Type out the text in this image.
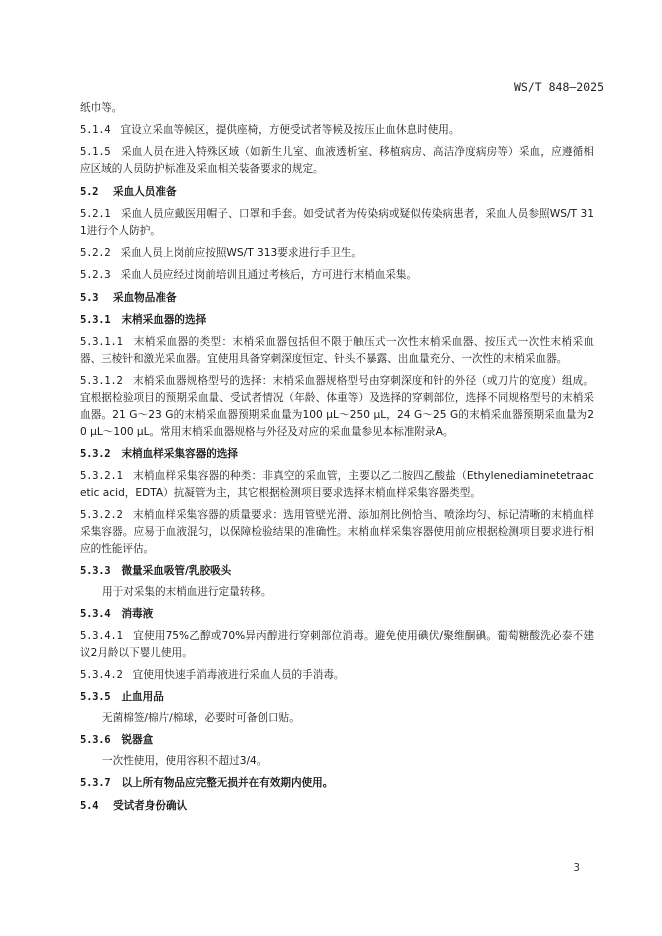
WS/T 848—2025

纸巾等。

5.1.4 宜设立采血等候区，提供座椅，方便受试者等候及按压止血休息时使用。

5.1.5 采血人员在进入特殊区域（如新生儿室、血液透析室、移植病房、高洁净度病房等）采血，应遵循相应区域的人员防护标准及采血相关装备要求的规定。

5.2 采血人员准备

5.2.1 采血人员应戴医用帽子、口罩和手套。如受试者为传染病或疑似传染病患者，采血人员参照WS/T 311进行个人防护。

5.2.2 采血人员上岗前应按照WS/T 313要求进行手卫生。

5.2.3 采血人员应经过岗前培训且通过考核后，方可进行末梢血采集。

5.3 采血物品准备

5.3.1 末梢采血器的选择

5.3.1.1 末梢采血器的类型：末梢采血器包括但不限于触压式一次性末梢采血器、按压式一次性末梢采血器、三棱针和激光采血器。宜使用具备穿刺深度恒定、针头不暴露、出血量充分、一次性的末梢采血器。

5.3.1.2 末梢采血器规格型号的选择：末梢采血器规格型号由穿刺深度和针的外径（或刀片的宽度）组成。宜根据检验项目的预期采血量、受试者情况（年龄、体重等）及选择的穿刺部位，选择不同规格型号的末梢采血器。21 G～23 G的末梢采血器预期采血量为100 μL～250 μL，24 G～25 G的末梢采血器预期采血量为20 μL～100 μL。常用末梢采血器规格与外径及对应的采血量参见本标准附录A。

5.3.2 末梢血样采集容器的选择

5.3.2.1 末梢血样采集容器的种类：非真空的采血管，主要以乙二胺四乙酸盐（Ethylenediaminetetraacetic acid，EDTA）抗凝管为主，其它根据检测项目要求选择末梢血样采集容器类型。

5.3.2.2 末梢血样采集容器的质量要求：选用管壁光滑、添加剂比例恰当、喷涂均匀、标记清晰的末梢血样采集容器。应易于血液混匀，以保障检验结果的准确性。末梢血样采集容器使用前应根据检测项目要求进行相应的性能评估。

5.3.3 微量采血吸管/乳胶吸头

用于对采集的末梢血进行定量转移。

5.3.4 消毒液

5.3.4.1 宜使用75%乙醇或70%异丙醇进行穿刺部位消毒。避免使用碘伏/聚维酮碘。葡萄糖酸洗必泰不建议2月龄以下婴儿使用。

5.3.4.2 宜使用快速手消毒液进行采血人员的手消毒。

5.3.5 止血用品

无菌棉签/棉片/棉球，必要时可备创口贴。

5.3.6 锐器盒

一次性使用，使用容积不超过3/4。

5.3.7 以上所有物品应完整无损并在有效期内使用。

5.4 受试者身份确认

3
